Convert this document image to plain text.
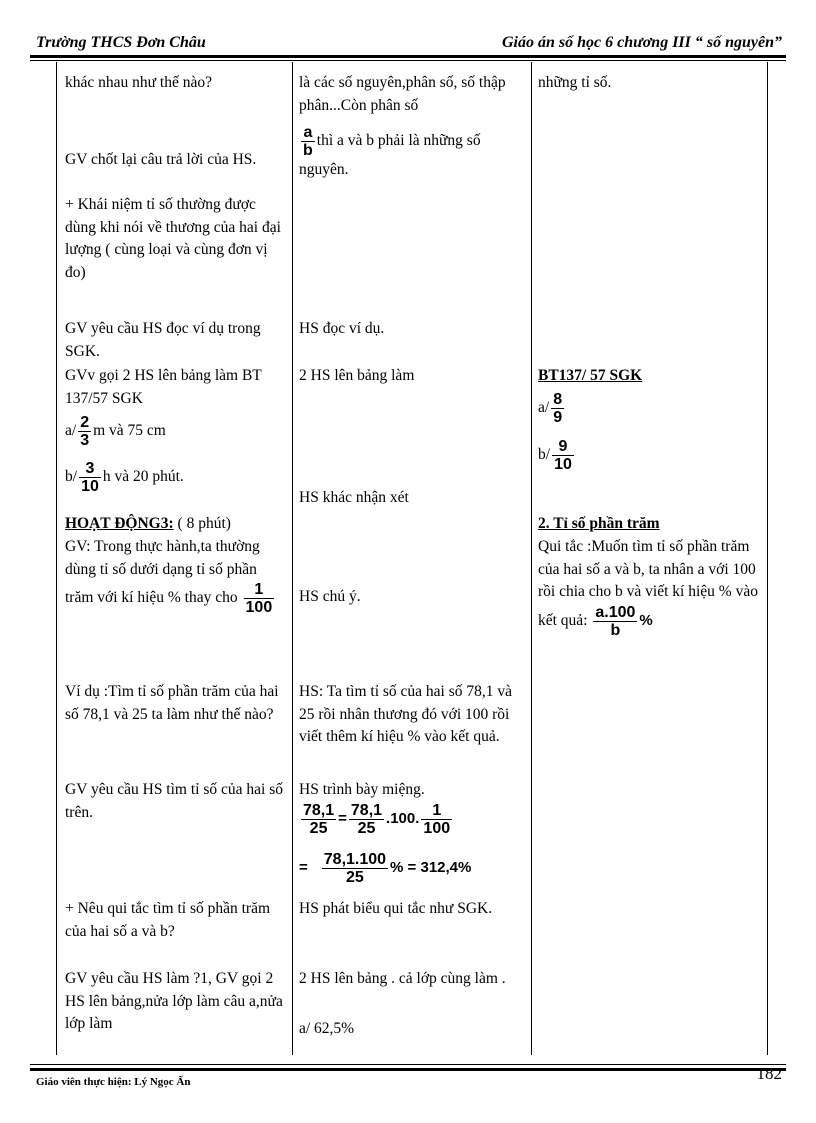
Trường THCS Đơn Châu	Giáo án số học 6 chương III “ số nguyên”
khác nhau như thế nào?
GV chốt lại câu trả lời của HS.
+ Khái niệm tỉ số thường được dùng khi nói về thương của hai đại lượng ( cùng loại và cùng đơn vị đo)
GV yêu cầu HS đọc ví dụ trong SGK.
GVv gọi 2 HS lên bảng làm BT 137/57 SGK
$a/ \frac{2}{3}$ m và 75 cm
$b/ \frac{3}{10}$ h và 20 phút.
HOẠT ĐỘNG3: ( 8 phút)
GV: Trong thực hành,ta thường dùng tỉ số dưới dạng tỉ số phần trăm với kí hiệu % thay cho $\frac{1}{100}$
Ví dụ :Tìm tỉ số phần trăm của hai số 78,1 và 25 ta làm như thế nào?
GV yêu cầu HS tìm tỉ số của hai số trên.
+ Nêu qui tắc tìm tỉ số phần trăm của hai số a và b?
GV yêu cầu HS làm ?1, GV gọi 2 HS lên bảng,nửa lớp làm câu a,nửa lớp làm
là các số nguyên,phân số, số thập phân...Còn phân số
$\frac{a}{b}$ thì a và b phải là những số nguyên.
HS đọc ví dụ.
2 HS lên bảng làm
HS khác nhận xét
HS chú ý.
HS: Ta tìm tỉ số của hai số 78,1 và 25 rồi nhân thương đó với 100 rồi viết thêm kí hiệu % vào kết quả.
HS trình bày miệng.
$\frac{78,1}{25} = \frac{78,1}{25} .100$. $\frac{1}{100}$
= $\frac{78,1.100}{25}$ % = 312,4%
HS phát biểu qui tắc như SGK.
2 HS lên bảng . cả lớp cùng làm .
a/ 62,5%
những tỉ số.
BT137/ 57 SGK
$a/ \frac{8}{9}$
$b/ \frac{9}{10}$
2. Tỉ số phần trăm
Qui tắc :Muốn tìm tỉ số phần trăm của hai số a và b, ta nhân a với 100 rồi chia cho b và viết kí hiệu % vào kết quả: $\frac{a.100}{b}$ %
Giáo viên thực hiện: Lý Ngọc Ẩn	182
